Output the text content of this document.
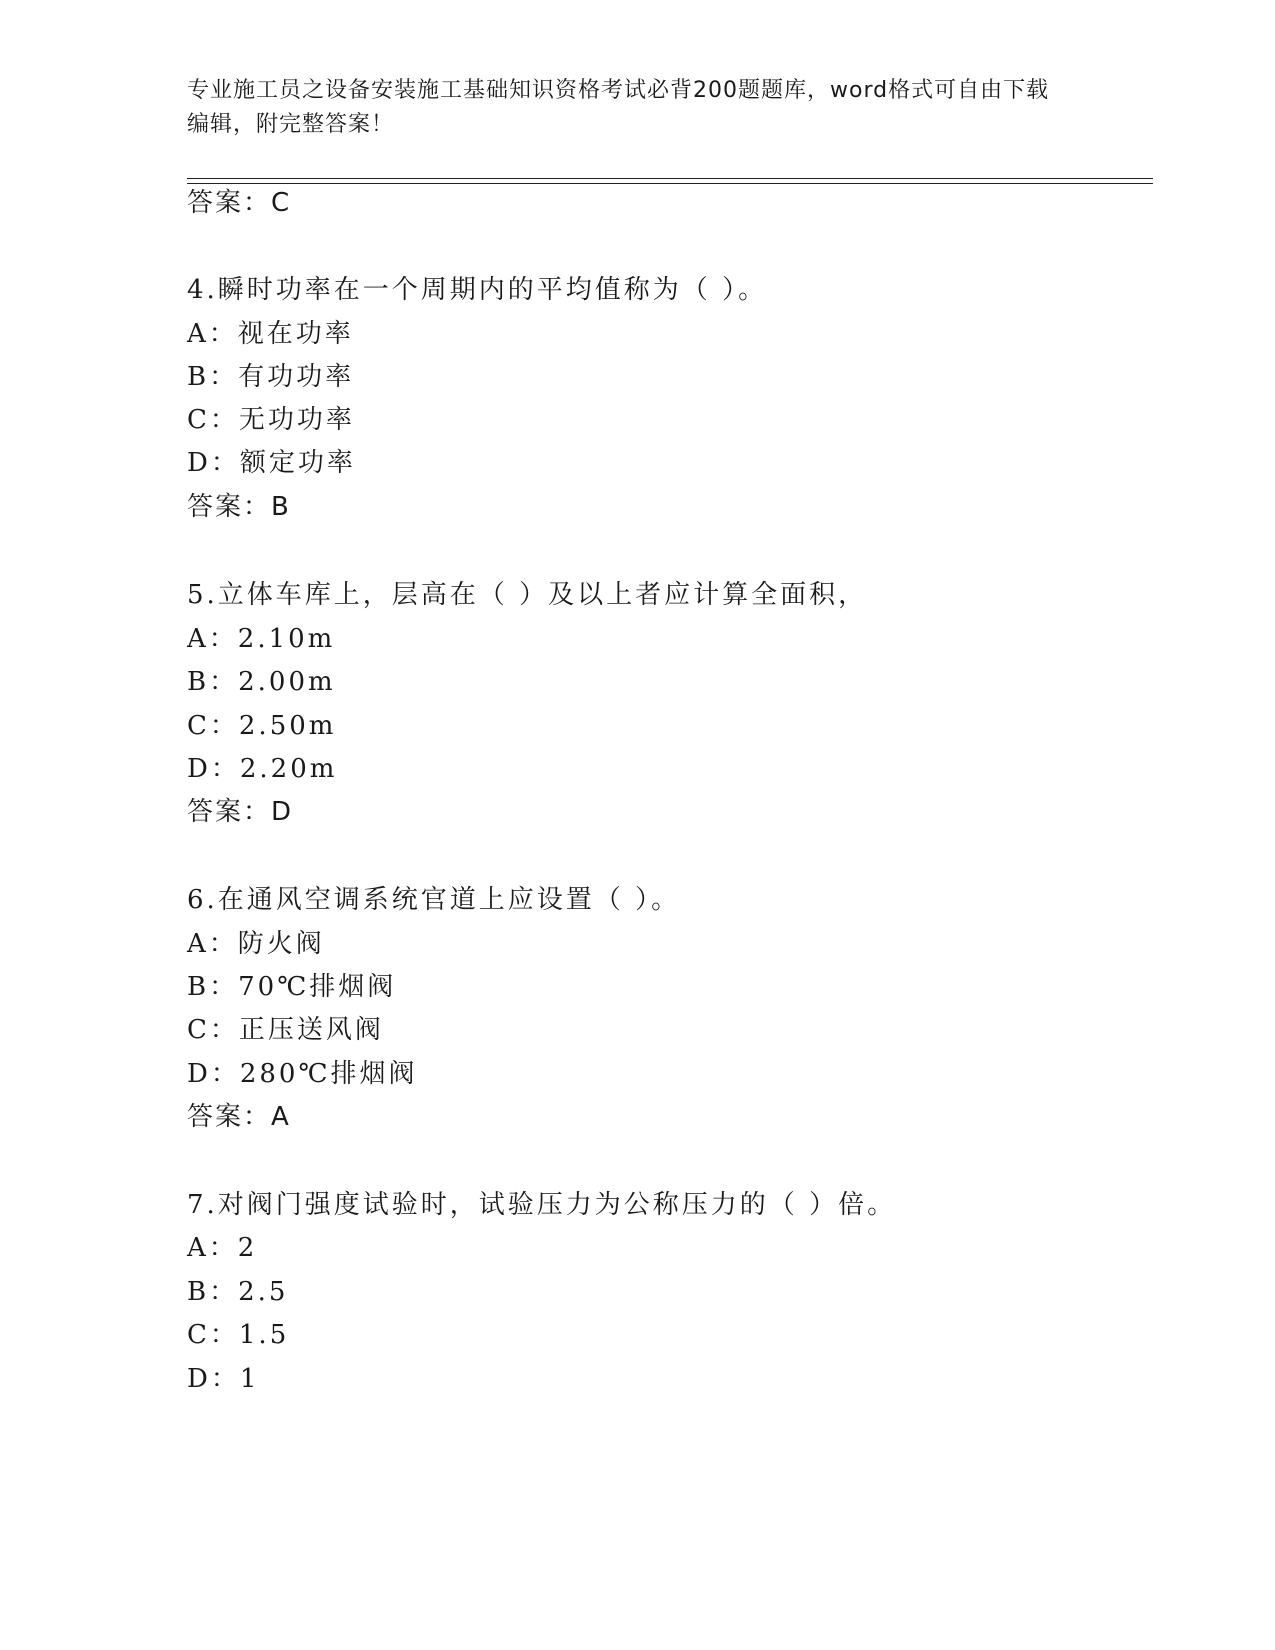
专业施工员之设备安装施工基础知识资格考试必背200题题库，word格式可自由下载编辑，附完整答案！
答案：C
4.瞬时功率在一个周期内的平均值称为（ ）。
A：视在功率
B：有功功率
C：无功功率
D：额定功率
答案：B
5.立体车库上，层高在（ ）及以上者应计算全面积，
A：2.10m
B：2.00m
C：2.50m
D：2.20m
答案：D
6.在通风空调系统官道上应设置（ ）。
A：防火阀
B：70℃排烟阀
C：正压送风阀
D：280℃排烟阀
答案：A
7.对阀门强度试验时，试验压力为公称压力的（ ）倍。
A：2
B：2.5
C：1.5
D：1
